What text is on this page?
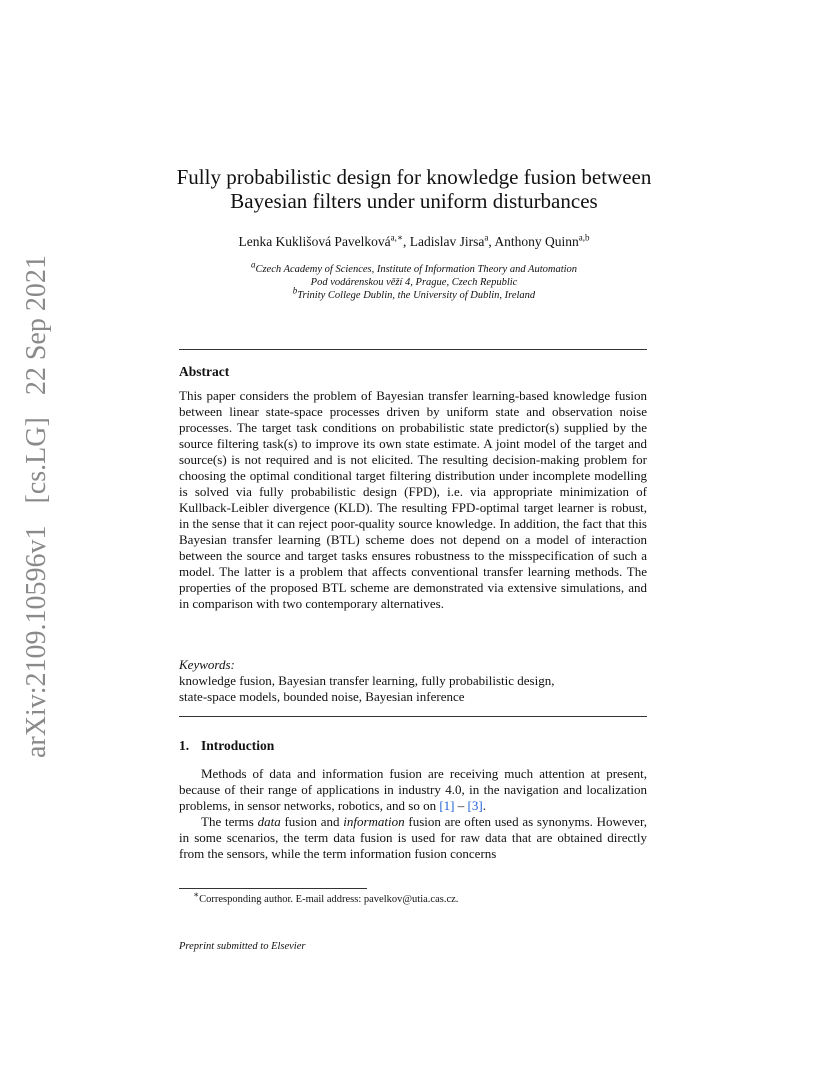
arXiv:2109.10596v1[cs.LG]22 Sep 2021
Fully probabilistic design for knowledge fusion between
Bayesian filters under uniform disturbances
Lenka Kuklišová Pavelková$^{a,∗}$, Ladislav Jirsa$^a$, Anthony Quinn$^{a,b}$
$^a$Czech Academy of Sciences, Institute of Information Theory and Automation
Pod vodárenskou věží 4, Prague, Czech Republic
$^b$Trinity College Dublin, the University of Dublin, Ireland
Abstract

This paper considers the problem of Bayesian transfer learning-based knowledge fusion between linear state-space processes driven by uniform state and observation noise processes. The target task conditions on probabilistic state predictor(s) supplied by the source filtering task(s) to improve its own state estimate. A joint model of the target and source(s) is not required and is not elicited. The resulting decision-making problem for choosing the optimal conditional target filtering distribution under incomplete modelling is solved via fully probabilistic design (FPD), i.e. via appropriate minimization of Kullback-Leibler divergence (KLD). The resulting FPD-optimal target learner is robust, in the sense that it can reject poor-quality source knowledge. In addition, the fact that this Bayesian transfer learning (BTL) scheme does not depend on a model of interaction between the source and target tasks ensures robustness to the misspecification of such a model. The latter is a problem that affects conventional transfer learning methods. The properties of the proposed BTL scheme are demonstrated via extensive simulations, and in comparison with two contemporary alternatives.

Keywords:
knowledge fusion, Bayesian transfer learning, fully probabilistic design,
state-space models, bounded noise, Bayesian inference
1. Introduction

Methods of data and information fusion are receiving much attention at present, because of their range of applications in industry 4.0, in the navigation and localization problems, in sensor networks, robotics, and so on [1] – [3].

The terms data fusion and information fusion are often used as synonyms. However, in some scenarios, the term data fusion is used for raw data that are obtained directly from the sensors, while the term information fusion concerns

∗Corresponding author. E-mail address: pavelkov@utia.cas.cz.
Preprint submitted to Elsevier
